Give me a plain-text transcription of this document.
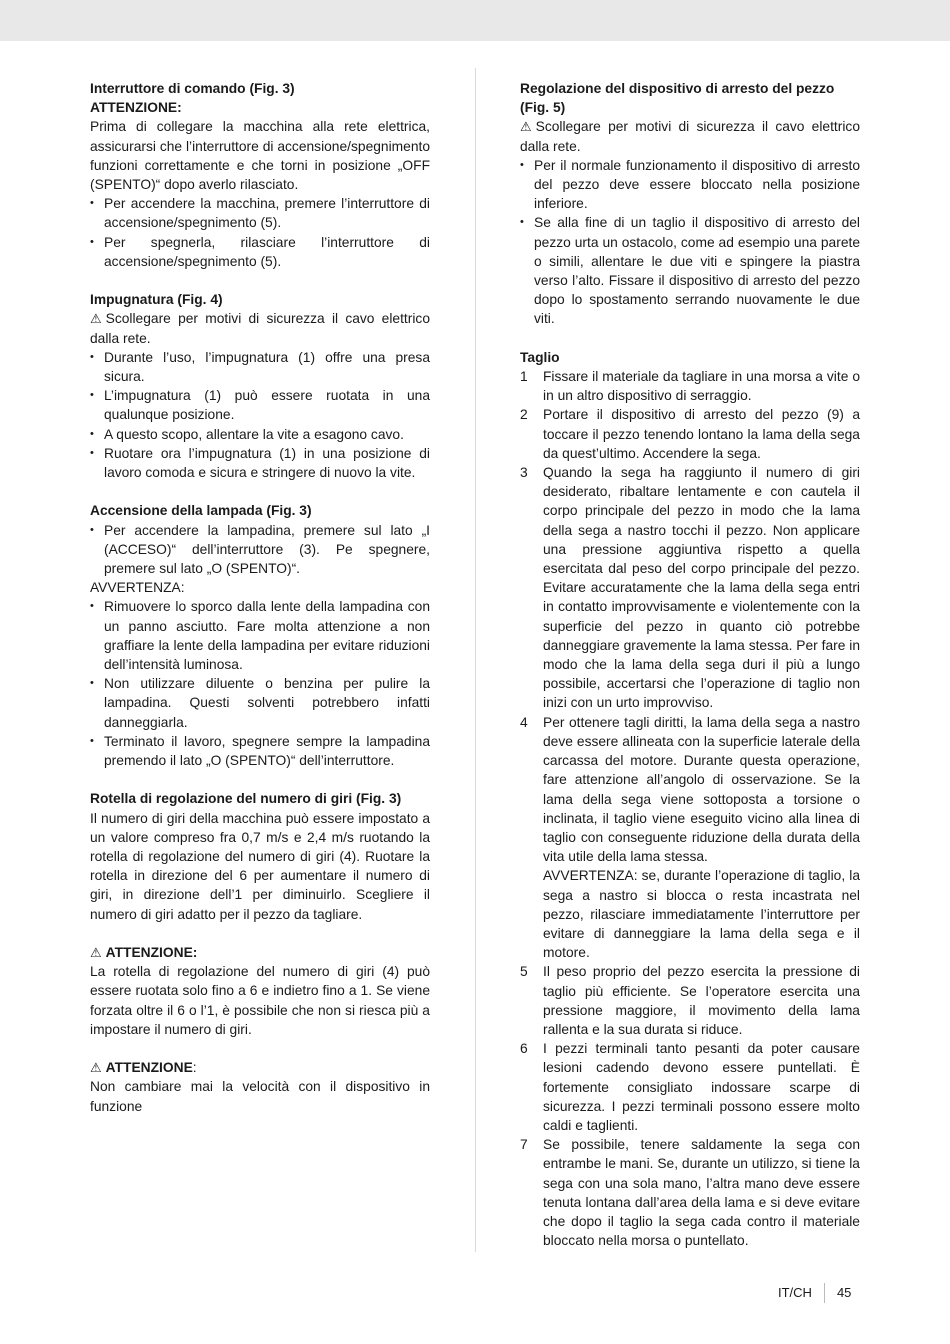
Interruttore di comando (Fig. 3)
ATTENZIONE:

Prima di collegare la macchina alla rete elettrica, assicurarsi che l’interruttore di accensione/spegnimento funzioni correttamente e che torni in posizione „OFF (SPENTO)“ dopo averlo rilasciato.

• Per accendere la macchina, premere l’interruttore di accensione/spegnimento (5).
• Per spegnerla, rilasciare l’interruttore di accensione/spegnimento (5).
Impugnatura (Fig. 4)

⚠ Scollegare per motivi di sicurezza il cavo elettrico dalla rete.

• Durante l’uso, l’impugnatura (1) offre una presa sicura.
• L’impugnatura (1) può essere ruotata in una qualunque posizione.
• A questo scopo, allentare la vite a esagono cavo.
• Ruotare ora l’impugnatura (1) in una posizione di lavoro comoda e sicura e stringere di nuovo la vite.
Accensione della lampada (Fig. 3)
• Per accendere la lampadina, premere sul lato „I (ACCESO)“ dell’interruttore (3). Pe spegnere, premere sul lato „O (SPENTO)“.

AVVERTENZA:

• Rimuovere lo sporco dalla lente della lampadina con un panno asciutto. Fare molta attenzione a non graffiare la lente della lampadina per evitare riduzioni dell’intensità luminosa.
• Non utilizzare diluente o benzina per pulire la lampadina. Questi solventi potrebbero infatti danneggiarla.
• Terminato il lavoro, spegnere sempre la lampadina premendo il lato „O (SPENTO)“ dell’interruttore.
Rotella di regolazione del numero di giri (Fig. 3)

Il numero di giri della macchina può essere impostato a un valore compreso fra 0,7 m/s e 2,4 m/s ruotando la rotella di regolazione del numero di giri (4). Ruotare la rotella in direzione del 6 per aumentare il numero di giri, in direzione dell’1 per diminuirlo. Scegliere il numero di giri adatto per il pezzo da tagliare.

⚠ ATTENZIONE:

La rotella di regolazione del numero di giri (4) può essere ruotata solo fino a 6 e indietro fino a 1. Se viene forzata oltre il 6 o l’1, è possibile che non si riesca più a impostare il numero di giri.

⚠ ATTENZIONE:

Non cambiare mai la velocità con il dispositivo in funzione

Regolazione del dispositivo di arresto del pezzo (Fig. 5)

⚠ Scollegare per motivi di sicurezza il cavo elettrico dalla rete.

• Per il normale funzionamento il dispositivo di arresto del pezzo deve essere bloccato nella posizione inferiore.
• Se alla fine di un taglio il dispositivo di arresto del pezzo urta un ostacolo, come ad esempio una parete o simili, allentare le due viti e spingere la piastra verso l’alto. Fissare il dispositivo di arresto del pezzo dopo lo spostamento serrando nuovamente le due viti.
Taglio
1 Fissare il materiale da tagliare in una morsa a vite o in un altro dispositivo di serraggio.
2 Portare il dispositivo di arresto del pezzo (9) a toccare il pezzo tenendo lontano la lama della sega da quest’ultimo. Accendere la sega.
3 Quando la sega ha raggiunto il numero di giri desiderato, ribaltare lentamente e con cautela il corpo principale del pezzo in modo che la lama della sega a nastro tocchi il pezzo. Non applicare una pressione aggiuntiva rispetto a quella esercitata dal peso del corpo principale del pezzo. Evitare accuratamente che la lama della sega entri in contatto improvvisamente e violentemente con la superficie del pezzo in quanto ciò potrebbe danneggiare gravemente la lama stessa. Per fare in modo che la lama della sega duri il più a lungo possibile, accertarsi che l’operazione di taglio non inizi con un urto improvviso.
4 Per ottenere tagli diritti, la lama della sega a nastro deve essere allineata con la superficie laterale della carcassa del motore. Durante questa operazione, fare attenzione all’angolo di osservazione. Se la lama della sega viene sottoposta a torsione o inclinata, il taglio viene eseguito vicino alla linea di taglio con conseguente riduzione della durata della vita utile della lama stessa.
AVVERTENZA: se, durante l’operazione di taglio, la sega a nastro si blocca o resta incastrata nel pezzo, rilasciare immediatamente l’interruttore per evitare di danneggiare la lama della sega e il motore.
5 Il peso proprio del pezzo esercita la pressione di taglio più efficiente. Se l’operatore esercita una pressione maggiore, il movimento della lama rallenta e la sua durata si riduce.
6 I pezzi terminali tanto pesanti da poter causare lesioni cadendo devono essere puntellati. È fortemente consigliato indossare scarpe di sicurezza. I pezzi terminali possono essere molto caldi e taglienti.
7 Se possibile, tenere saldamente la sega con entrambe le mani. Se, durante un utilizzo, si tiene la sega con una sola mano, l’altra mano deve essere tenuta lontana dall’area della lama e si deve evitare che dopo il taglio la sega cada contro il materiale bloccato nella morsa o puntellato.
IT/CH 45
